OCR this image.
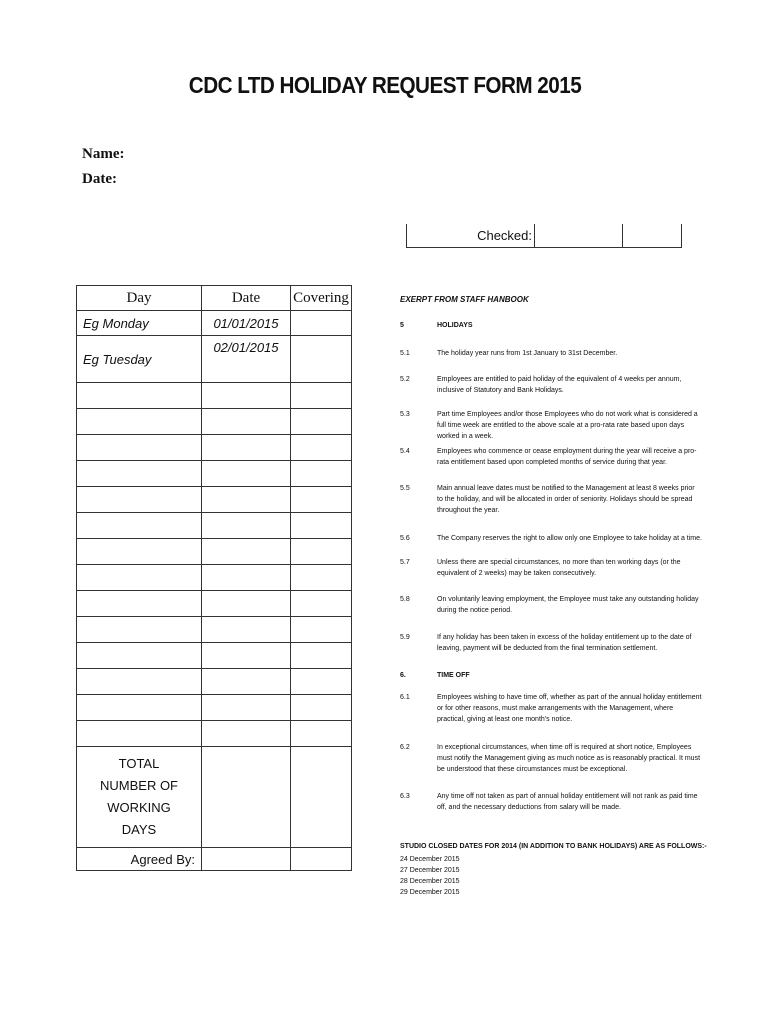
CDC LTD HOLIDAY REQUEST FORM 2015
Name:
Date:
Checked:
Day	Date	Covering
Eg Monday	01/01/2015	
Eg Tuesday	02/01/2015	

TOTAL NUMBER OF WORKING DAYS		
Agreed By:		
EXERPT FROM STAFF HANBOOK
5	HOLIDAYS
5.1	The holiday year runs from 1st January to 31st December.
5.2	Employees are entitled to paid holiday of the equivalent of 4 weeks per annum, inclusive of Statutory and Bank Holidays.
5.3	Part time Employees and/or those Employees who do not work what is considered a full time week are entitled to the above scale at a pro-rata rate based upon days worked in a week.
5.4	Employees who commence or cease employment during the year will receive a pro-rata entitlement based upon completed months of service during that year.
5.5	Main annual leave dates must be notified to the Management at least 8 weeks prior to the holiday, and will be allocated in order of seniority. Holidays should be spread throughout the year.
5.6	The Company reserves the right to allow only one Employee to take holiday at a time.
5.7	Unless there are special circumstances, no more than ten working days (or the equivalent of 2 weeks) may be taken consecutively.
5.8	On voluntarily leaving employment, the Employee must take any outstanding holiday during the notice period.
5.9	If any holiday has been taken in excess of the holiday entitlement up to the date of leaving, payment will be deducted from the final termination settlement.
6.	TIME OFF
6.1	Employees wishing to have time off, whether as part of the annual holiday entitlement or for other reasons, must make arrangements with the Management, where practical, giving at least one month's notice.
6.2	In exceptional circumstances, when time off is required at short notice, Employees must notify the Management giving as much notice as is reasonably practical. It must be understood that these circumstances must be exceptional.
6.3	Any time off not taken as part of annual holiday entitlement will not rank as paid time off, and the necessary deductions from salary will be made.
STUDIO CLOSED DATES FOR 2014 (IN ADDITION TO BANK HOLIDAYS) ARE AS FOLLOWS:-
24 December 2015
27 December 2015
28 December 2015
29 December 2015
